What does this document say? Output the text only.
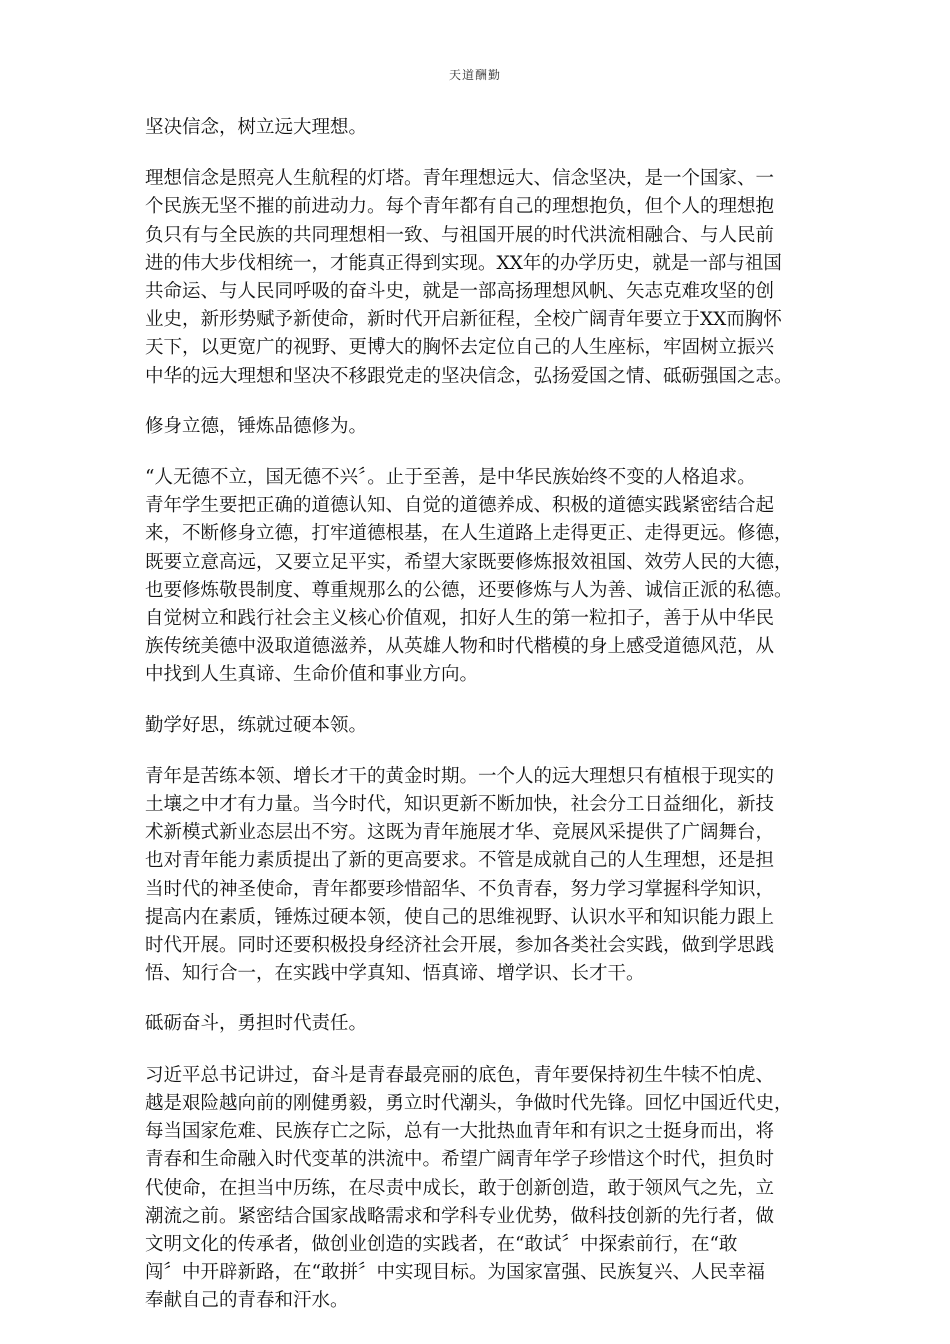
天道酬勤
坚决信念，树立远大理想。
理想信念是照亮人生航程的灯塔。青年理想远大、信念坚决，是一个国家、一
个民族无坚不摧的前进动力。每个青年都有自己的理想抱负，但个人的理想抱
负只有与全民族的共同理想相一致、与祖国开展的时代洪流相融合、与人民前
进的伟大步伐相统一，才能真正得到实现。XX年的办学历史，就是一部与祖国
共命运、与人民同呼吸的奋斗史，就是一部高扬理想风帆、矢志克难攻坚的创
业史，新形势赋予新使命，新时代开启新征程，全校广阔青年要立于XX而胸怀
天下，以更宽广的视野、更博大的胸怀去定位自己的人生座标，牢固树立振兴
中华的远大理想和坚决不移跟党走的坚决信念，弘扬爱国之情、砥砺强国之志。
修身立德，锤炼品德修为。
“人无德不立，国无德不兴〞。止于至善，是中华民族始终不变的人格追求。
青年学生要把正确的道德认知、自觉的道德养成、积极的道德实践紧密结合起
来，不断修身立德，打牢道德根基，在人生道路上走得更正、走得更远。修德，
既要立意高远，又要立足平实，希望大家既要修炼报效祖国、效劳人民的大德，
也要修炼敬畏制度、尊重规那么的公德，还要修炼与人为善、诚信正派的私德。
自觉树立和践行社会主义核心价值观，扣好人生的第一粒扣子，善于从中华民
族传统美德中汲取道德滋养，从英雄人物和时代楷模的身上感受道德风范，从
中找到人生真谛、生命价值和事业方向。
勤学好思，练就过硬本领。
青年是苦练本领、增长才干的黄金时期。一个人的远大理想只有植根于现实的
土壤之中才有力量。当今时代，知识更新不断加快，社会分工日益细化，新技
术新模式新业态层出不穷。这既为青年施展才华、竞展风采提供了广阔舞台，
也对青年能力素质提出了新的更高要求。不管是成就自己的人生理想，还是担
当时代的神圣使命，青年都要珍惜韶华、不负青春，努力学习掌握科学知识，
提高内在素质，锤炼过硬本领，使自己的思维视野、认识水平和知识能力跟上
时代开展。同时还要积极投身经济社会开展，参加各类社会实践，做到学思践
悟、知行合一，在实践中学真知、悟真谛、增学识、长才干。
砥砺奋斗，勇担时代责任。
习近平总书记讲过，奋斗是青春最亮丽的底色，青年要保持初生牛犊不怕虎、
越是艰险越向前的刚健勇毅，勇立时代潮头，争做时代先锋。回忆中国近代史，
每当国家危难、民族存亡之际，总有一大批热血青年和有识之士挺身而出，将
青春和生命融入时代变革的洪流中。希望广阔青年学子珍惜这个时代，担负时
代使命，在担当中历练，在尽责中成长，敢于创新创造，敢于领风气之先，立
潮流之前。紧密结合国家战略需求和学科专业优势，做科技创新的先行者，做
文明文化的传承者，做创业创造的实践者，在“敢试〞中探索前行，在“敢
闯〞中开辟新路，在“敢拼〞中实现目标。为国家富强、民族复兴、人民幸福
奉献自己的青春和汗水。
